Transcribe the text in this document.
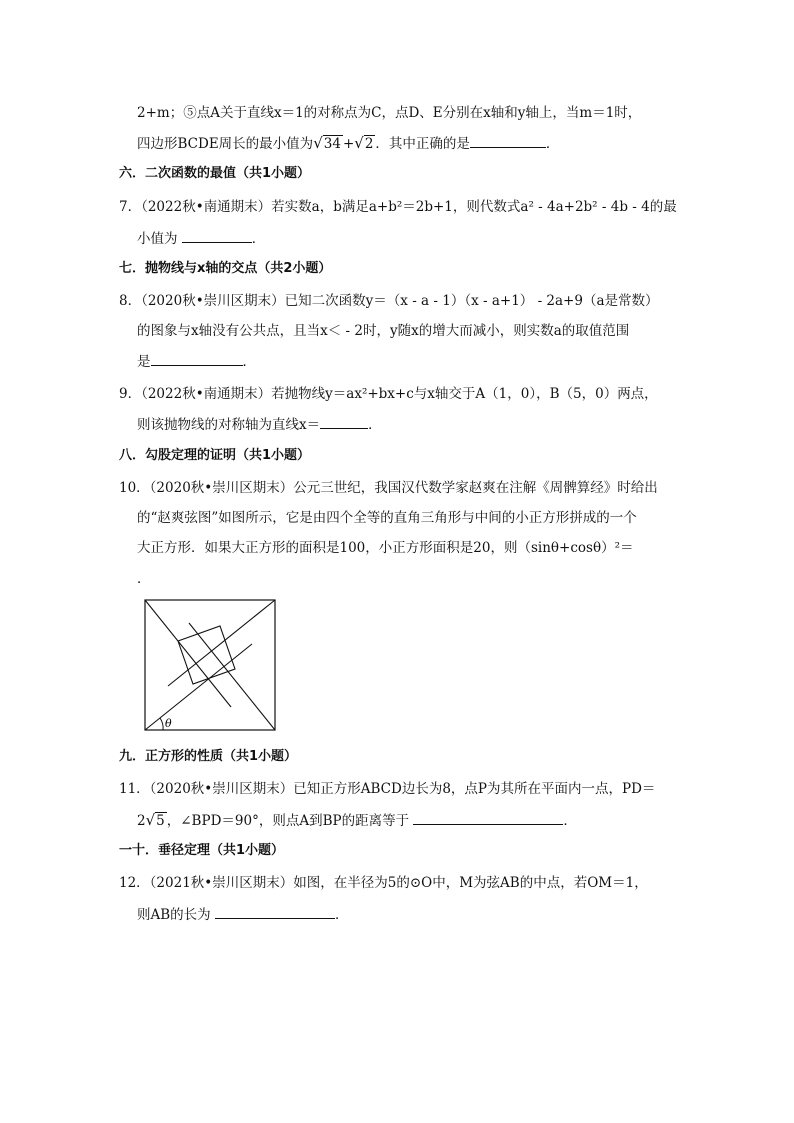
2+m；⑤点A关于直线x＝1的对称点为C，点D、E分别在x轴和y轴上，当m＝1时，
四边形BCDE周长的最小值为√34 +√2 ．其中正确的是	．
六．二次函数的最值（共1小题）
7．（2022秋•南通期末）若实数a，b满足a+b²＝2b+1，则代数式a² - 4a+2b² - 4b - 4的最
小值为	．
七．抛物线与x轴的交点（共2小题）
8．（2020秋•崇川区期末）已知二次函数y＝（x - a - 1）（x - a+1） - 2a+9（a是常数）
的图象与x轴没有公共点，且当x＜ - 2时，y随x的增大而减小，则实数a的取值范围
是	．
9．（2022秋•南通期末）若抛物线y＝ax²+bx+c与x轴交于A（1，0），B（5，0）两点，
则该抛物线的对称轴为直线x＝	．
八．勾股定理的证明（共1小题）
10．（2020秋•崇川区期末）公元三世纪，我国汉代数学家赵爽在注解《周髀算经》时给出
的“赵爽弦图”如图所示，它是由四个全等的直角三角形与中间的小正方形拼成的一个
大正方形．如果大正方形的面积是100，小正方形面积是20，则（sinθ+cosθ）²＝
．
θ
九．正方形的性质（共1小题）
11．（2020秋•崇川区期末）已知正方形ABCD边长为8，点P为其所在平面内一点，PD＝
2√5 ，∠BPD＝90°，则点A到BP的距离等于	．
一十．垂径定理（共1小题）
12．（2021秋•崇川区期末）如图，在半径为5的⊙O中，M为弦AB的中点，若OM＝1，
则AB的长为	．
